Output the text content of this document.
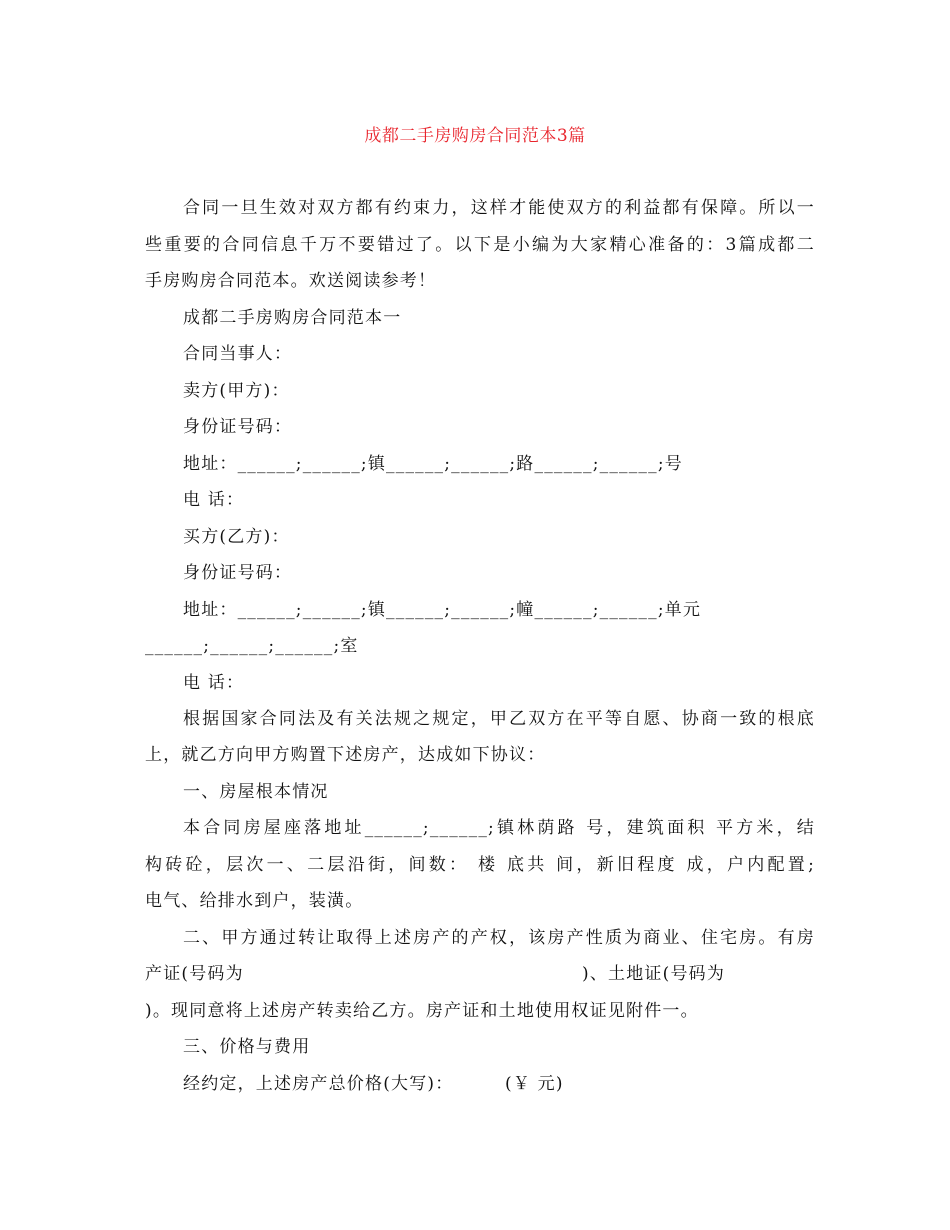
成都二手房购房合同范本3篇
合同一旦生效对双方都有约束力，这样才能使双方的利益都有保障。所以一
些重要的合同信息千万不要错过了。以下是小编为大家精心准备的：3篇成都二
手房购房合同范本。欢送阅读参考！
成都二手房购房合同范本一
合同当事人：
卖方(甲方)：
身份证号码：
地址：______;______;镇______;______;路______;______;号
电 话：
买方(乙方)：
身份证号码：
地址：______;______;镇______;______;幢______;______;单元
______;______;______;室
电 话：
根据国家合同法及有关法规之规定，甲乙双方在平等自愿、协商一致的根底
上，就乙方向甲方购置下述房产，达成如下协议：
一、房屋根本情况
本合同房屋座落地址______;______;镇林荫路 号，建筑面积 平方米，结
构砖砼，层次一、二层沿街，间数： 楼 底共 间，新旧程度 成，户内配置;
电气、给排水到户，装潢。
二、甲方通过转让取得上述房产的产权，该房产性质为商业、住宅房。有房
产证(号码为	)、土地证(号码为
)。现同意将上述房产转卖给乙方。房产证和土地使用权证见附件一。
三、价格与费用
经约定，上述房产总价格(大写)：	(￥ 元)
